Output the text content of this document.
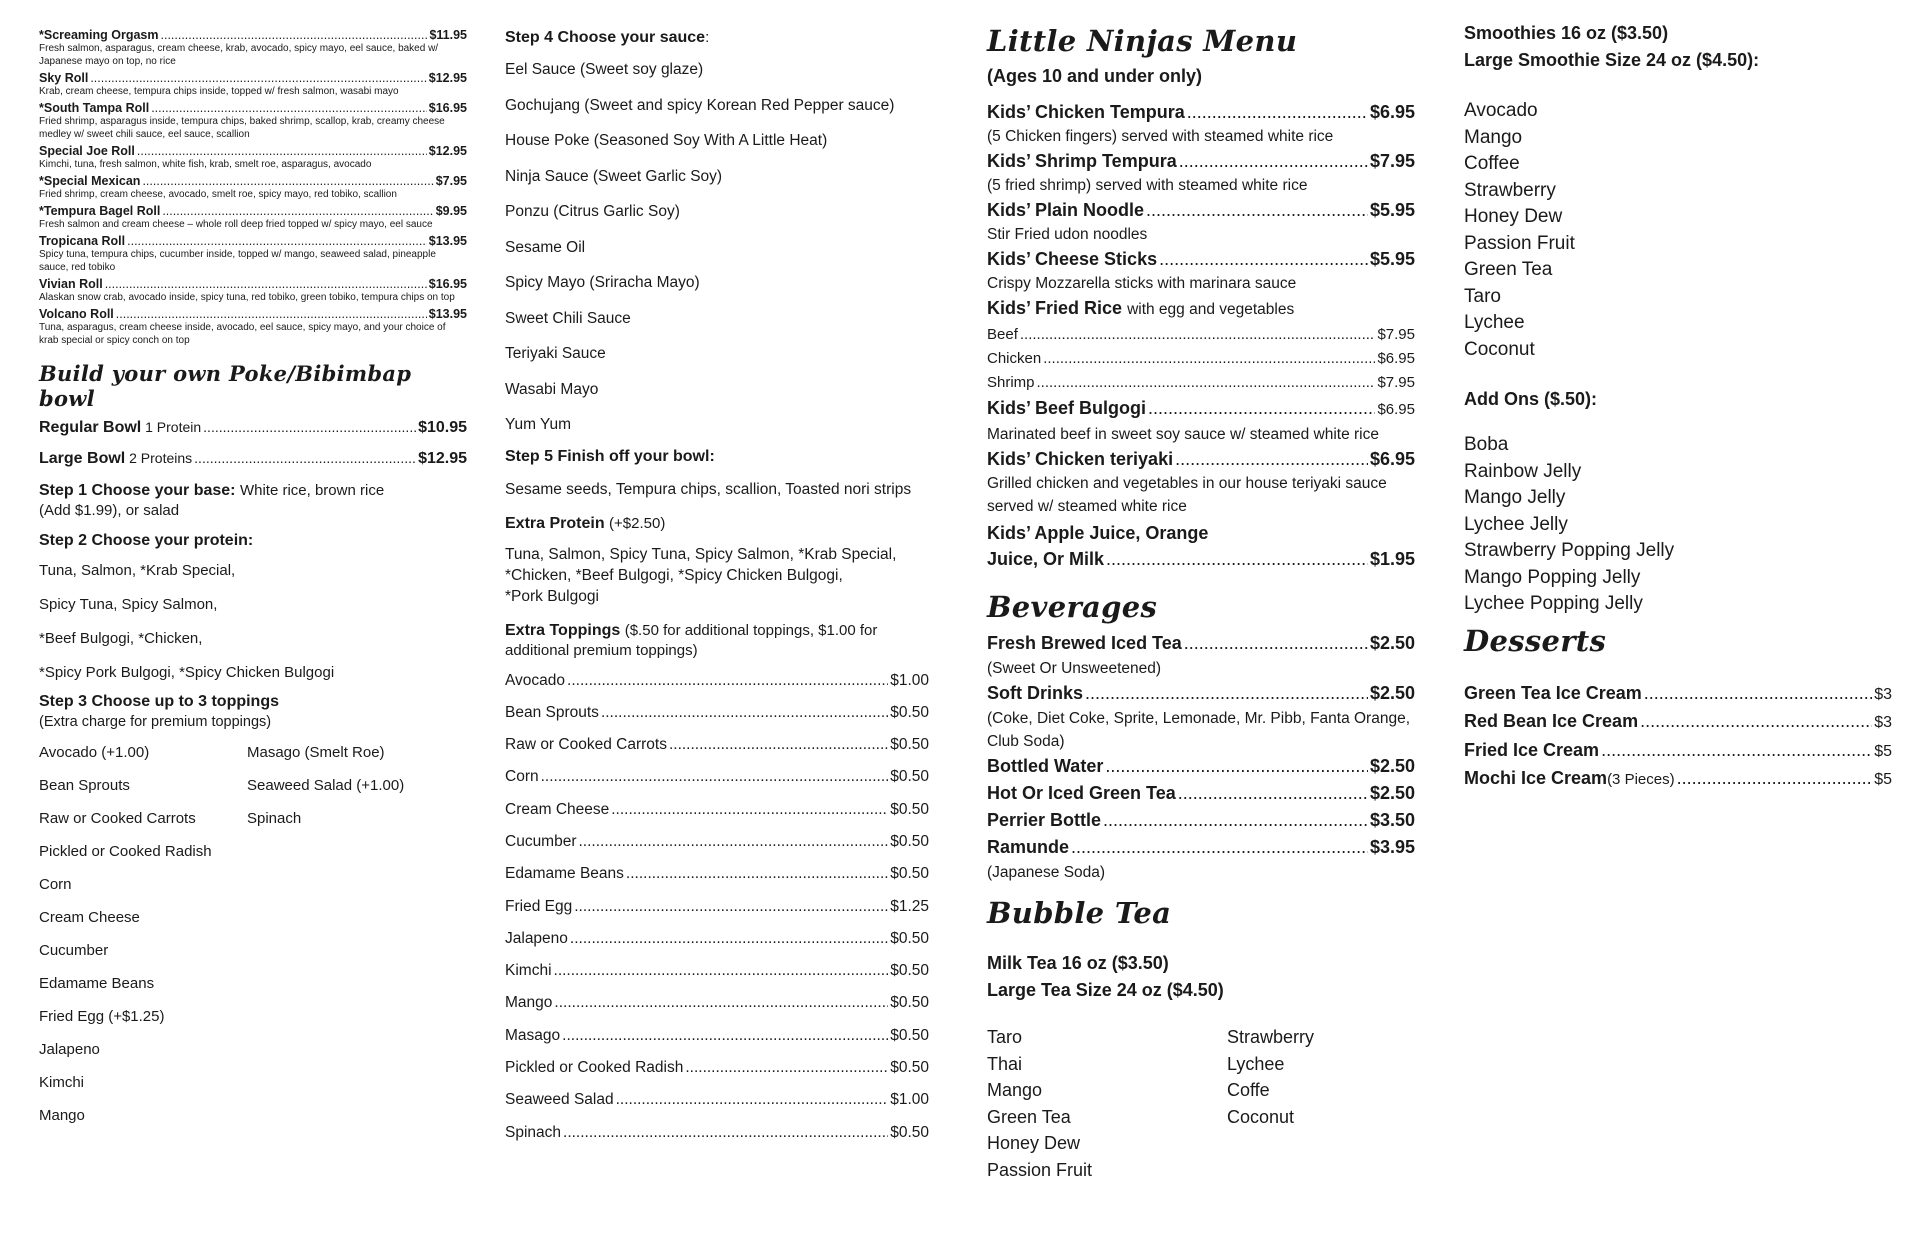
*Screaming Orgasm .....	$11.95
Fresh salmon, asparagus, cream cheese, krab, avocado, spicy mayo, eel sauce, baked w/ Japanese mayo on top, no rice
Sky Roll .....	$12.95
Krab, cream cheese, tempura chips inside, topped w/ fresh salmon, wasabi mayo
*South Tampa Roll .....	$16.95
Fried shrimp, asparagus inside, tempura chips, baked shrimp, scallop, krab, creamy cheese medley w/ sweet chili sauce, eel sauce, scallion
Special Joe Roll .....	$12.95
Kimchi, tuna, fresh salmon, white fish, krab, smelt roe, asparagus, avocado
*Special Mexican .....	$7.95
Fried shrimp, cream cheese, avocado, smelt roe, spicy mayo, red tobiko, scallion
*Tempura Bagel Roll .....	$9.95
Fresh salmon and cream cheese – whole roll deep fried topped w/ spicy mayo, eel sauce
Tropicana Roll .....	$13.95
Spicy tuna, tempura chips, cucumber inside, topped w/ mango, seaweed salad, pineapple sauce, red tobiko
Vivian Roll .....	$16.95
Alaskan snow crab, avocado inside, spicy tuna, red tobiko, green tobiko, tempura chips on top
Volcano Roll .....	$13.95
Tuna, asparagus, cream cheese inside, avocado, eel sauce, spicy mayo, and your choice of krab special or spicy conch on top
Build your own Poke/Bibimbap bowl
Regular Bowl 1 Protein .....	$10.95
Large Bowl 2 Proteins .....	$12.95
Step 1 Choose your base: White rice, brown rice
(Add $1.99), or salad
Step 2 Choose your protein:
Tuna, Salmon, *Krab Special,
Spicy Tuna, Spicy Salmon,
*Beef Bulgogi, *Chicken,
*Spicy Pork Bulgogi, *Spicy Chicken Bulgogi
Step 3 Choose up to 3 toppings
(Extra charge for premium toppings)
Avocado (+1.00)
Bean Sprouts
Raw or Cooked Carrots
Pickled or Cooked Radish
Corn
Cream Cheese
Cucumber
Edamame Beans
Fried Egg (+$1.25)
Jalapeno
Kimchi
Mango
Masago (Smelt Roe)
Seaweed Salad (+1.00)
Spinach
Step 4 Choose your sauce:
Eel Sauce (Sweet soy glaze)
Gochujang (Sweet and spicy Korean Red Pepper sauce)
House Poke (Seasoned Soy With A Little Heat)
Ninja Sauce (Sweet Garlic Soy)
Ponzu (Citrus Garlic Soy)
Sesame Oil
Spicy Mayo (Sriracha Mayo)
Sweet Chili Sauce
Teriyaki Sauce
Wasabi Mayo
Yum Yum
Step 5 Finish off your bowl:
Sesame seeds, Tempura chips, scallion, Toasted nori strips
Extra Protein (+$2.50)
Tuna, Salmon, Spicy Tuna, Spicy Salmon, *Krab Special,
*Chicken, *Beef Bulgogi, *Spicy Chicken Bulgogi,
*Pork Bulgogi
Extra Toppings ($.50 for additional toppings, $1.00 for
additional premium toppings)
Avocado .....	$1.00
Bean Sprouts .....	$0.50
Raw or Cooked Carrots .....	$0.50
Corn .....	$0.50
Cream Cheese .....	$0.50
Cucumber .....	$0.50
Edamame Beans .....	$0.50
Fried Egg .....	$1.25
Jalapeno .....	$0.50
Kimchi .....	$0.50
Mango .....	$0.50
Masago .....	$0.50
Pickled or Cooked Radish .....	$0.50
Seaweed Salad .....	$1.00
Spinach .....	$0.50
Little Ninjas Menu
(Ages 10 and under only)
Kids’ Chicken Tempura .....	$6.95
(5 Chicken fingers) served with steamed white rice
Kids’ Shrimp Tempura .....	$7.95
(5 fried shrimp) served with steamed white rice
Kids’ Plain Noodle .....	$5.95
Stir Fried udon noodles
Kids’ Cheese Sticks .....	$5.95
Crispy Mozzarella sticks with marinara sauce
Kids’ Fried Rice with egg and vegetables
Beef .....	$7.95
Chicken .....	$6.95
Shrimp .....	$7.95
Kids’ Beef Bulgogi .....	$6.95
Marinated beef in sweet soy sauce w/ steamed white rice
Kids’ Chicken teriyaki .....	$6.95
Grilled chicken and vegetables in our house teriyaki sauce
served w/ steamed white rice
Kids’ Apple Juice, Orange
Juice, Or Milk .....	$1.95
Beverages
Fresh Brewed Iced Tea .....	$2.50
(Sweet Or Unsweetened)
Soft Drinks .....	$2.50
(Coke, Diet Coke, Sprite, Lemonade, Mr. Pibb, Fanta Orange,
Club Soda)
Bottled Water .....	$2.50
Hot Or Iced Green Tea .....	$2.50
Perrier Bottle .....	$3.50
Ramunde .....	$3.95
(Japanese Soda)
Bubble Tea
Milk Tea 16 oz ($3.50)
Large Tea Size 24 oz ($4.50)
Taro
Thai
Mango
Green Tea
Honey Dew
Passion Fruit
Strawberry
Lychee
Coffe
Coconut
Smoothies 16 oz ($3.50)
Large Smoothie Size 24 oz ($4.50):
Avocado
Mango
Coffee
Strawberry
Honey Dew
Passion Fruit
Green Tea
Taro
Lychee
Coconut
Add Ons ($.50):
Boba
Rainbow Jelly
Mango Jelly
Lychee Jelly
Strawberry Popping Jelly
Mango Popping Jelly
Lychee Popping Jelly
Desserts
Green Tea Ice Cream .....	$3
Red Bean Ice Cream .....	$3
Fried Ice Cream .....	$5
Mochi Ice Cream (3 Pieces) .....	$5
